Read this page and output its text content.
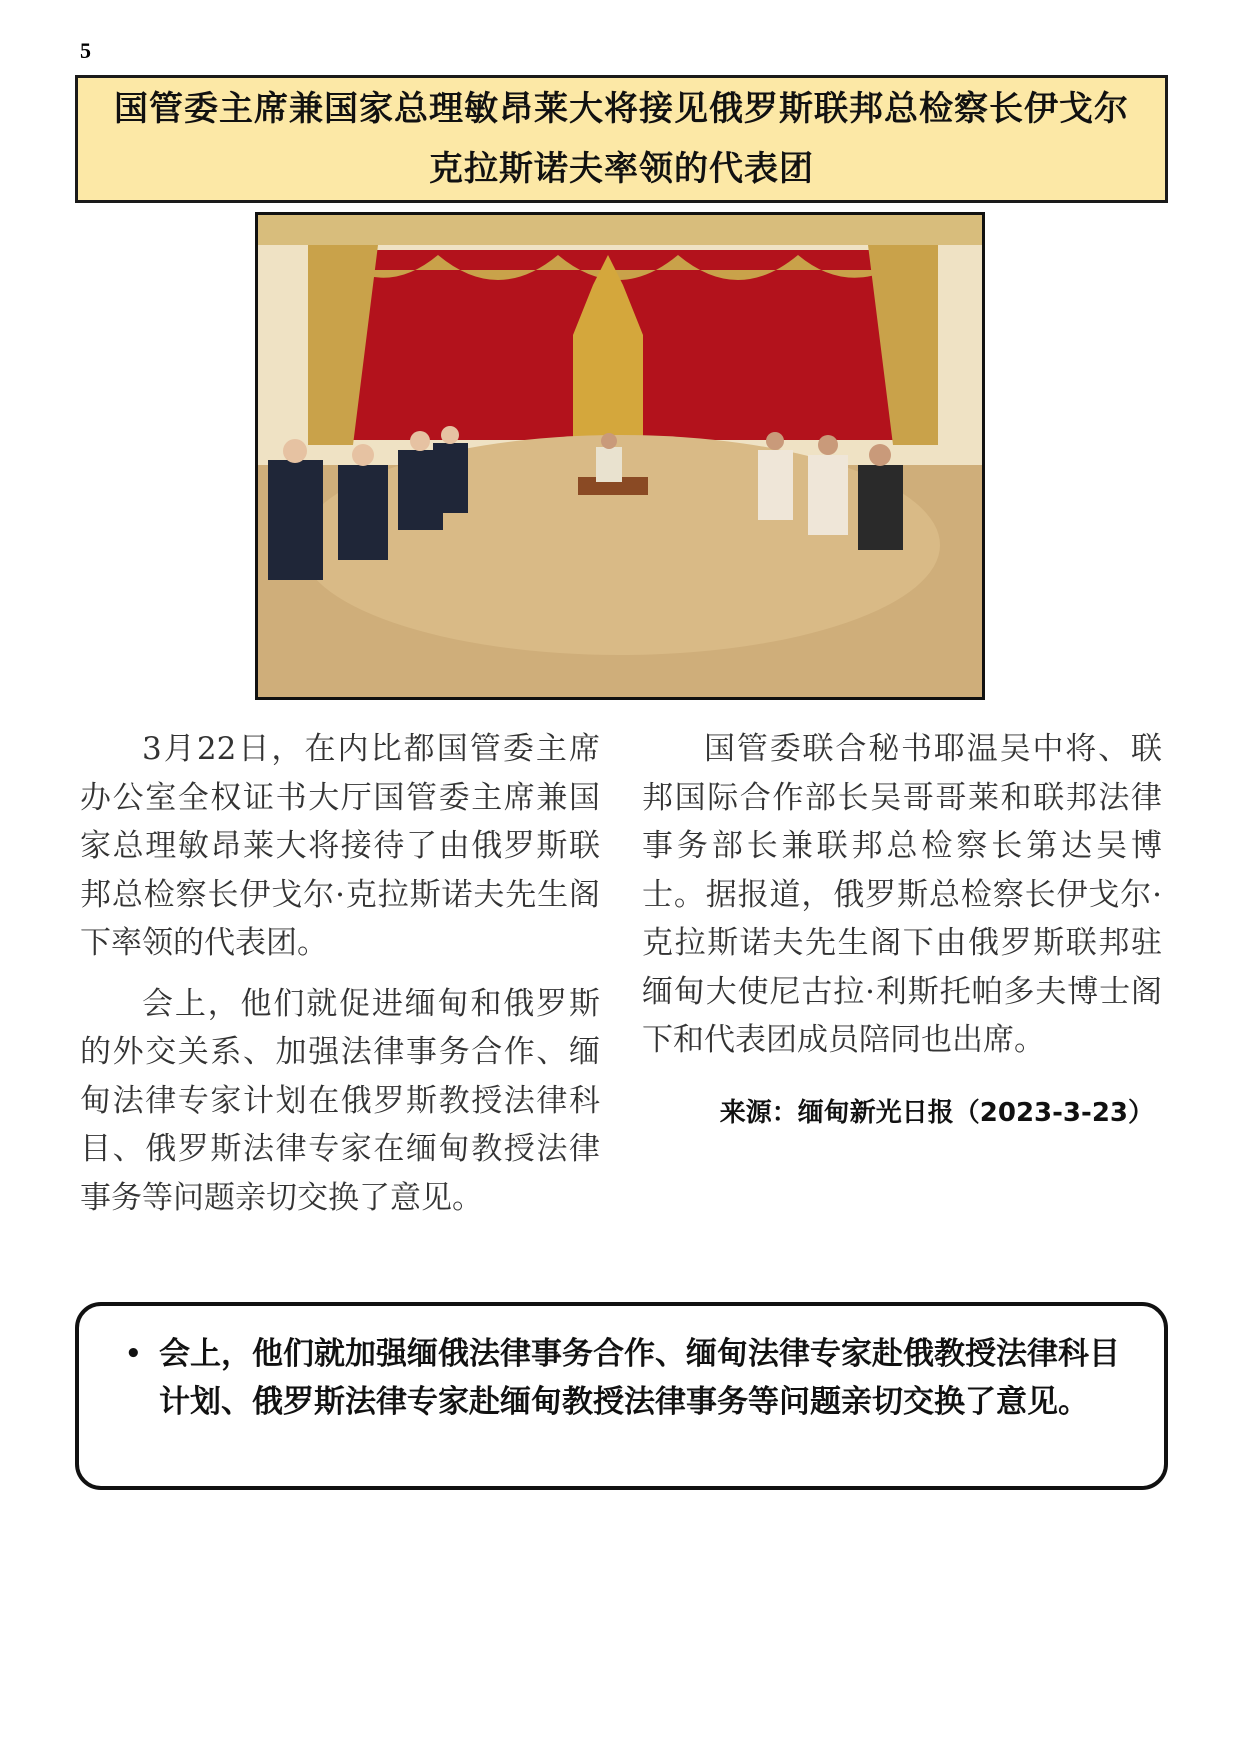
5
国管委主席兼国家总理敏昂莱大将接见俄罗斯联邦总检察长伊戈尔克拉斯诺夫率领的代表团

3月22日，在内比都国管委主席办公室全权证书大厅国管委主席兼国家总理敏昂莱大将接待了由俄罗斯联邦总检察长伊戈尔·克拉斯诺夫先生阁下率领的代表团。

会上，他们就促进缅甸和俄罗斯的外交关系、加强法律事务合作、缅甸法律专家计划在俄罗斯教授法律科目、俄罗斯法律专家在缅甸教授法律事务等问题亲切交换了意见。

国管委联合秘书耶温吴中将、联邦国际合作部长吴哥哥莱和联邦法律事务部长兼联邦总检察长第达吴博士。据报道，俄罗斯总检察长伊戈尔·克拉斯诺夫先生阁下由俄罗斯联邦驻缅甸大使尼古拉·利斯托帕多夫博士阁下和代表团成员陪同也出席。

来源：缅甸新光日报（2023-3-23）
• 会上，他们就加强缅俄法律事务合作、缅甸法律专家赴俄教授法律科目计划、俄罗斯法律专家赴缅甸教授法律事务等问题亲切交换了意见。
